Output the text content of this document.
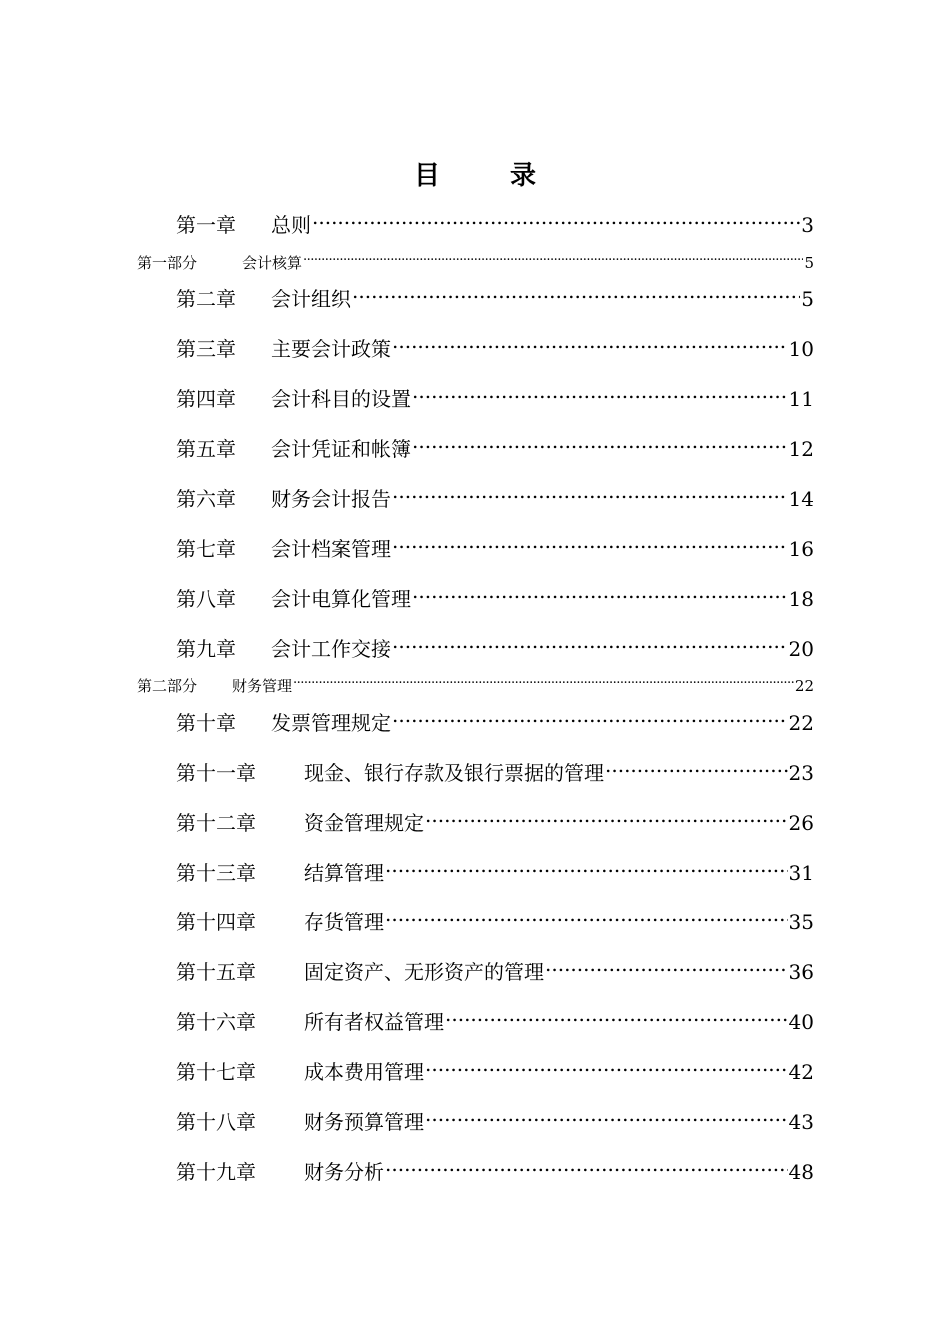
目　录
第一章	总则 .....	3
第一部分	会计核算 .....	5
第二章	会计组织 .....	5
第三章	主要会计政策 .....	10
第四章	会计科目的设置 .....	11
第五章	会计凭证和帐簿 .....	12
第六章	财务会计报告 .....	14
第七章	会计档案管理 .....	16
第八章	会计电算化管理 .....	18
第九章	会计工作交接 .....	20
第二部分	财务管理 .....	22
第十章	发票管理规定 .....	22
第十一章	现金、银行存款及银行票据的管理 .....	23
第十二章	资金管理规定 .....	26
第十三章	结算管理 .....	31
第十四章	存货管理 .....	35
第十五章	固定资产、无形资产的管理 .....	36
第十六章	所有者权益管理 .....	40
第十七章	成本费用管理 .....	42
第十八章	财务预算管理 .....	43
第十九章	财务分析 .....	48
